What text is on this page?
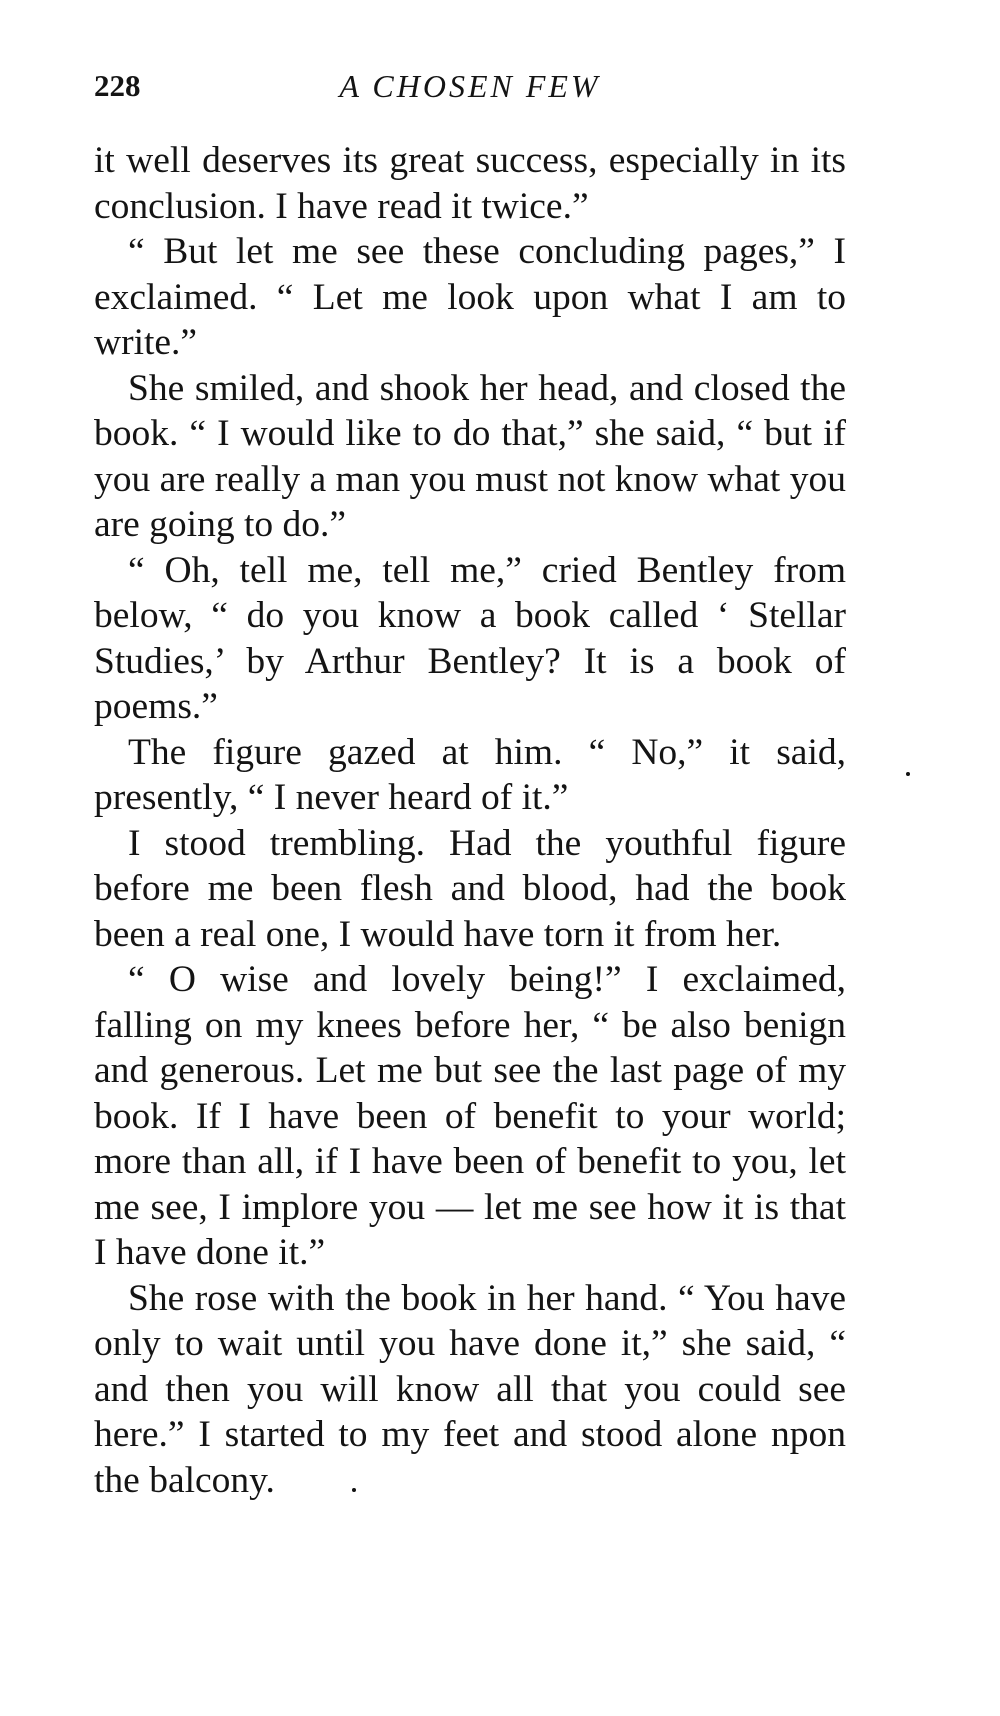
228	A CHOSEN FEW

it well deserves its great success, especially in its conclusion. I have read it twice.”

“ But let me see these concluding pages,” I exclaimed. “ Let me look upon what I am to write.”

She smiled, and shook her head, and closed the book. “ I would like to do that,” she said, “ but if you are really a man you must not know what you are going to do.”

“ Oh, tell me, tell me,” cried Bentley from below, “ do you know a book called ‘ Stellar Studies,’ by Arthur Bentley? It is a book of poems.”

The figure gazed at him. “ No,” it said, presently, “ I never heard of it.”

I stood trembling. Had the youthful figure before me been flesh and blood, had the book been a real one, I would have torn it from her.

“ O wise and lovely being!” I exclaimed, falling on my knees before her, “ be also benign and generous. Let me but see the last page of my book. If I have been of benefit to your world; more than all, if I have been of benefit to you, let me see, I implore you — let me see how it is that I have done it.”

She rose with the book in her hand. “ You have only to wait until you have done it,” she said, “ and then you will know all that you could see here.” I started to my feet and stood alone npon the balcony.
